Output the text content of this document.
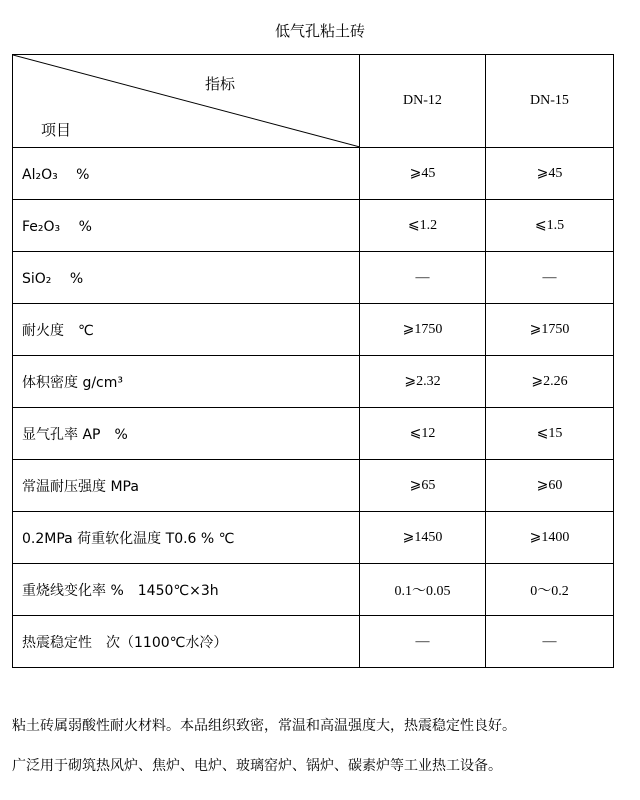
低气孔粘土砖
指标
项目	DN-12	DN-15
Al₂O₃　 %	⩾45	⩾45
Fe₂O₃　 %	⩽1.2	⩽1.5
SiO₂　 %	—	—
耐火度　℃	⩾1750	⩾1750
体积密度 g/cm³	⩾2.32	⩾2.26
显气孔率 AP　%	⩽12	⩽15
常温耐压强度 MPa	⩾65	⩾60
0.2MPa 荷重软化温度 T0.6 % ℃	⩾1450	⩾1400
重烧线变化率 %　1450℃×3h	0.1～0.05	0～0.2
热震稳定性　次（1100℃水冷）	—	—
粘土砖属弱酸性耐火材料。本品组织致密，常温和高温强度大，热震稳定性良好。
广泛用于砌筑热风炉、焦炉、电炉、玻璃窑炉、锅炉、碳素炉等工业热工设备。
